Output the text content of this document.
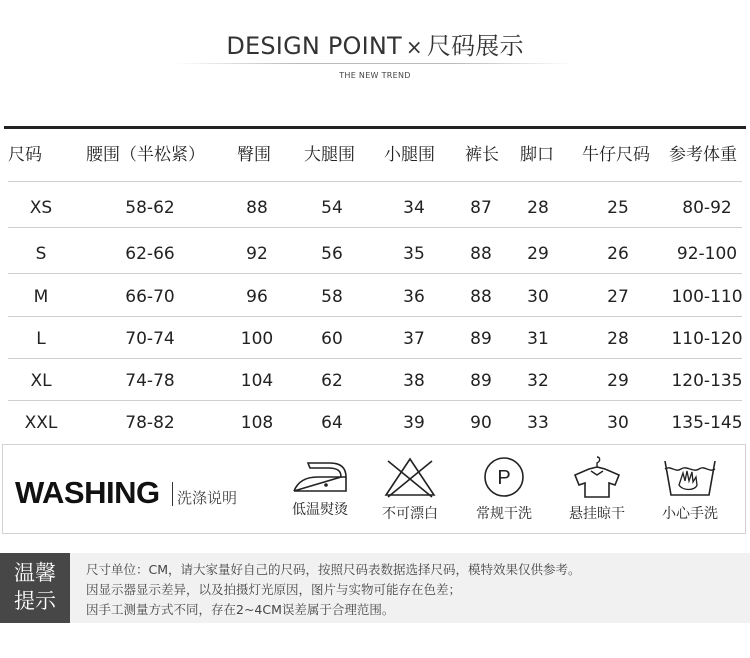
DESIGN POINT × 尺码展示
THE NEW TREND
尺码	腰围（半松紧） 臀围 大腿围 小腿围 裤长 脚口 牛仔尺码 参考体重
XS	58-62	88	54	34	87	28	25	80-92
S	62-66	92	56	35	88	29	26	92-100
M	66-70	96	58	36	88	30	27	100-110
L	70-74	100	60	37	89	31	28	110-120
XL	74-78	104	62	38	89	32	29	120-135
XXL	78-82	108	64	39	90	33	30	135-145
WASHING 洗涤说明
低温熨烫	不可漂白
P
常规干洗	悬挂晾干	小心手洗
温馨
提示
尺寸单位：CM，请大家量好自己的尺码，按照尺码表数据选择尺码，模特效果仅供参考。
因显示器显示差异，以及拍摄灯光原因，图片与实物可能存在色差；
因手工测量方式不同，存在2~4CM误差属于合理范围。
